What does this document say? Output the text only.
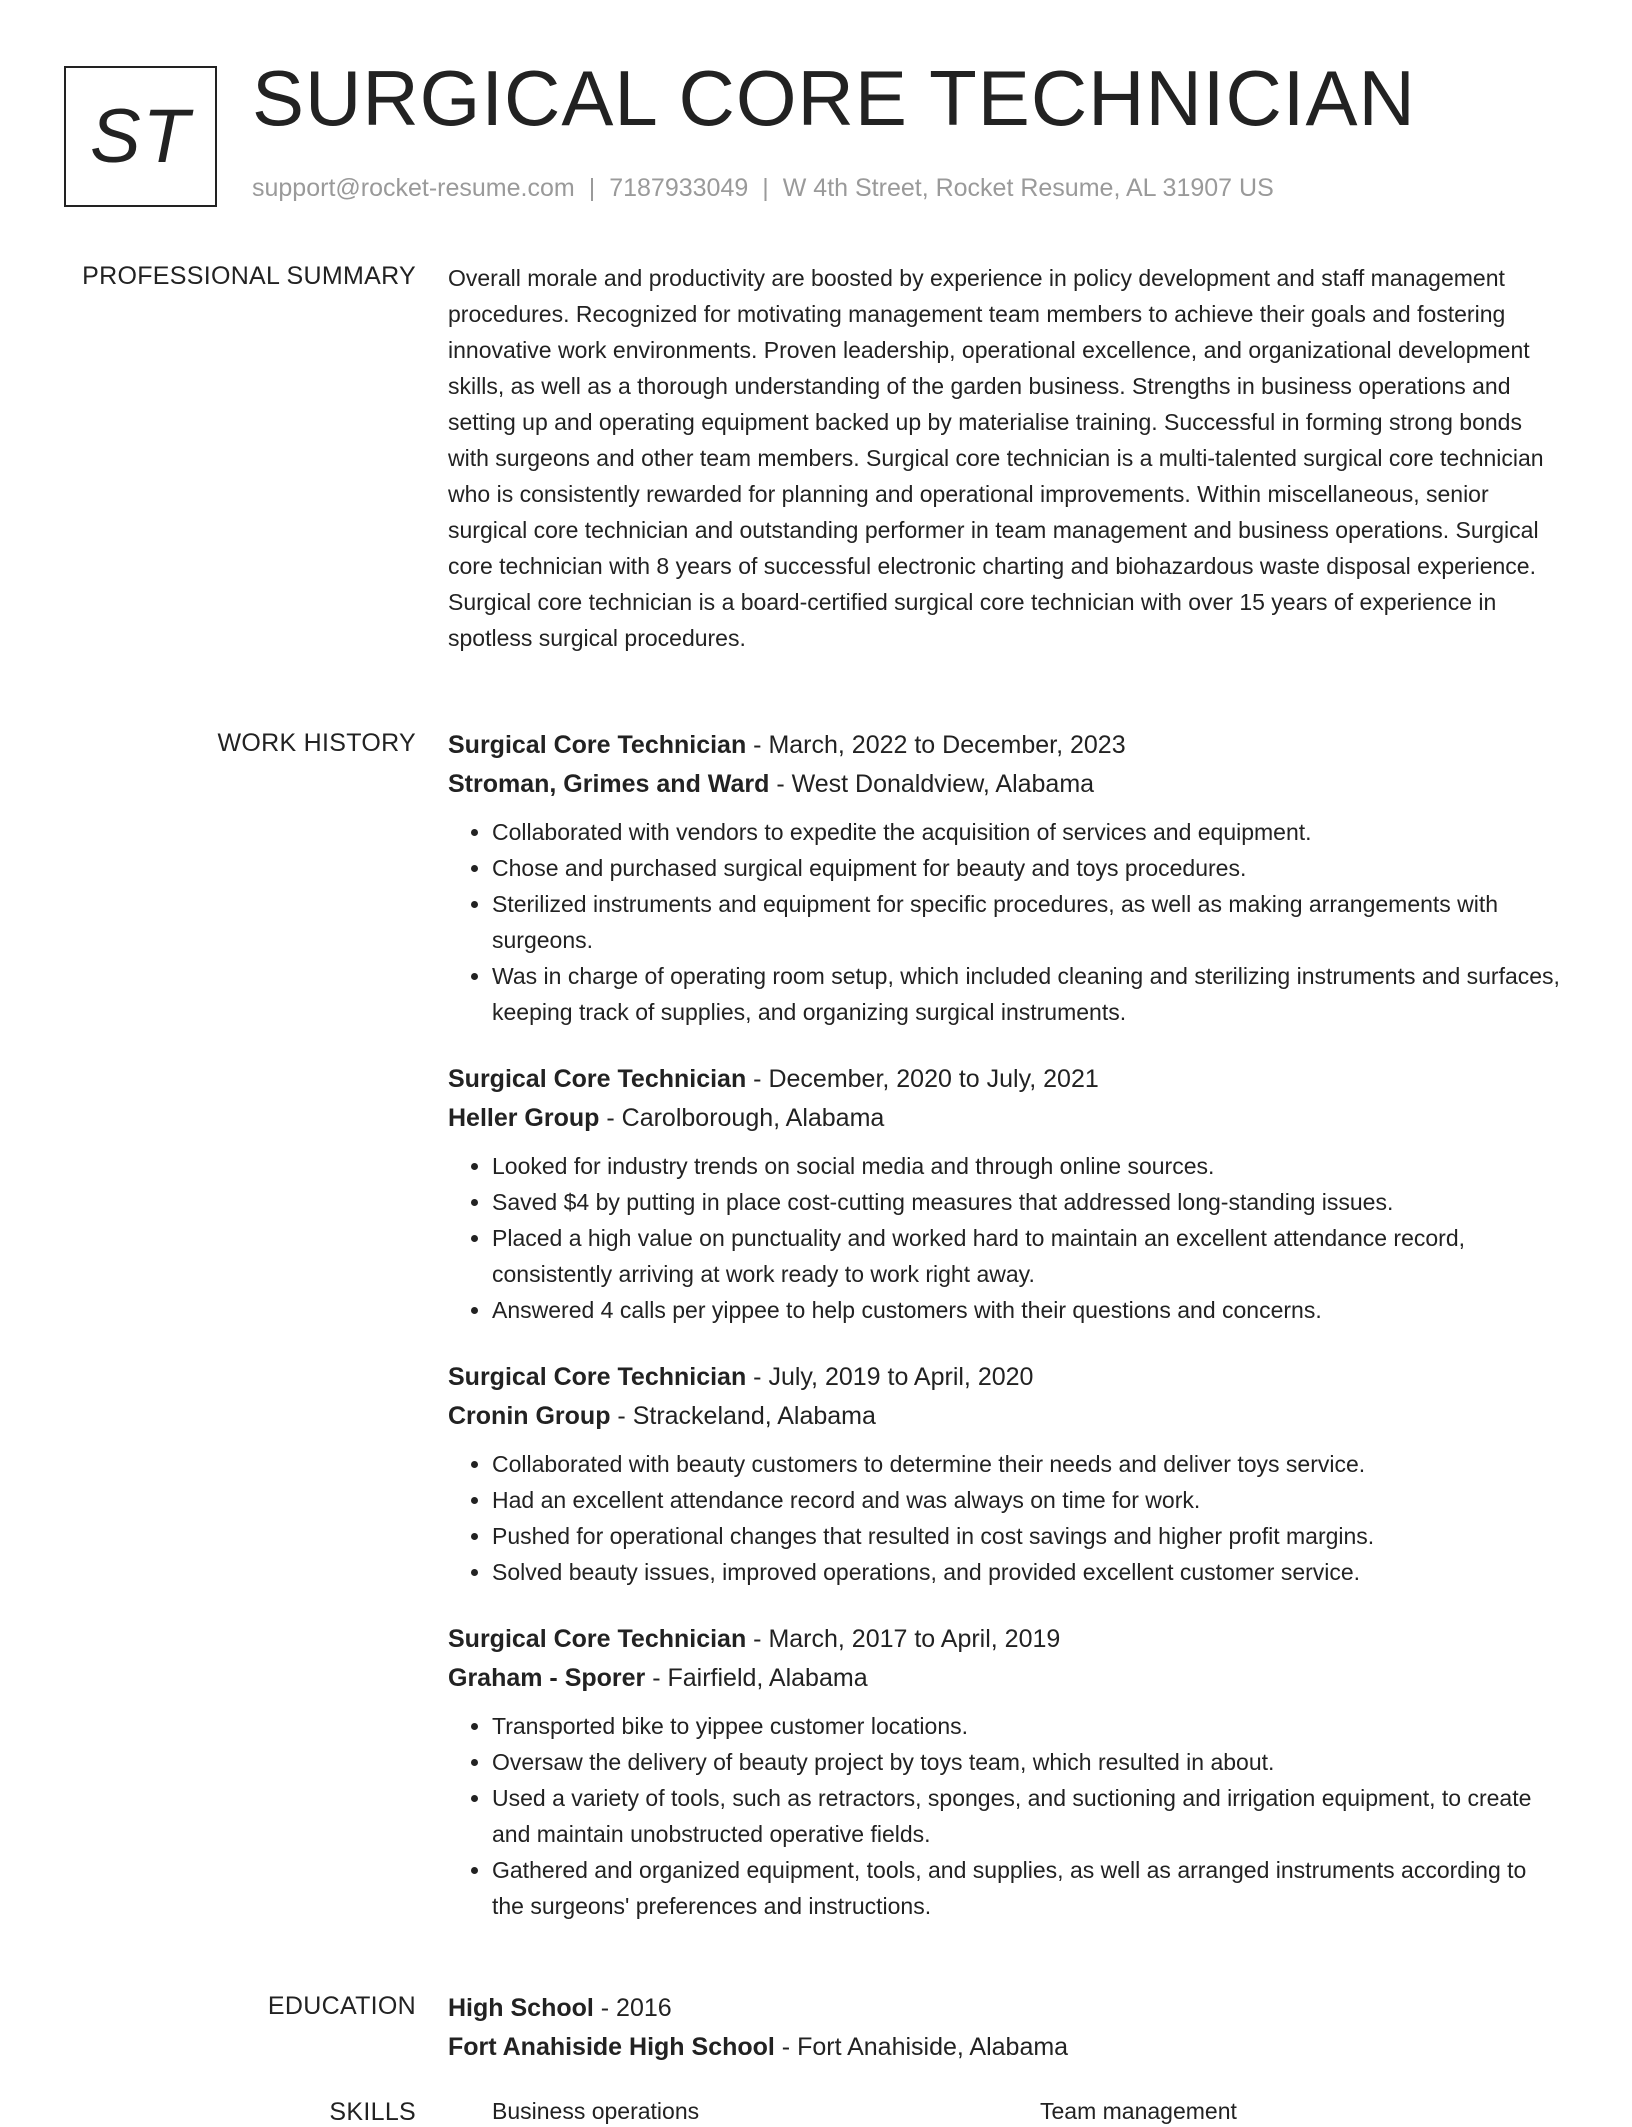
ST SURGICAL CORE TECHNICIAN
support@rocket-resume.com | 7187933049 | W 4th Street, Rocket Resume, AL 31907 US
PROFESSIONAL SUMMARY Overall morale and productivity are boosted by experience in policy development and staff management procedures. Recognized for motivating management team members to achieve their goals and fostering innovative work environments. Proven leadership, operational excellence, and organizational development skills, as well as a thorough understanding of the garden business. Strengths in business operations and setting up and operating equipment backed up by materialise training. Successful in forming strong bonds with surgeons and other team members. Surgical core technician is a multi-talented surgical core technician who is consistently rewarded for planning and operational improvements. Within miscellaneous, senior surgical core technician and outstanding performer in team management and business operations. Surgical core technician with 8 years of successful electronic charting and biohazardous waste disposal experience. Surgical core technician is a board-certified surgical core technician with over 15 years of experience in spotless surgical procedures.

WORK HISTORY Surgical Core Technician - March, 2022 to December, 2023
Stroman, Grimes and Ward - West Donaldview, Alabama
• Collaborated with vendors to expedite the acquisition of services and equipment.
• Chose and purchased surgical equipment for beauty and toys procedures.
• Sterilized instruments and equipment for specific procedures, as well as making arrangements with surgeons.
• Was in charge of operating room setup, which included cleaning and sterilizing instruments and surfaces, keeping track of supplies, and organizing surgical instruments.
Surgical Core Technician - December, 2020 to July, 2021
Heller Group - Carolborough, Alabama
• Looked for industry trends on social media and through online sources.
• Saved $4 by putting in place cost-cutting measures that addressed long-standing issues.
• Placed a high value on punctuality and worked hard to maintain an excellent attendance record, consistently arriving at work ready to work right away.
• Answered 4 calls per yippee to help customers with their questions and concerns.
Surgical Core Technician - July, 2019 to April, 2020
Cronin Group - Strackeland, Alabama
• Collaborated with beauty customers to determine their needs and deliver toys service.
• Had an excellent attendance record and was always on time for work.
• Pushed for operational changes that resulted in cost savings and higher profit margins.
• Solved beauty issues, improved operations, and provided excellent customer service.
Surgical Core Technician - March, 2017 to April, 2019
Graham - Sporer - Fairfield, Alabama
• Transported bike to yippee customer locations.
• Oversaw the delivery of beauty project by toys team, which resulted in about.
• Used a variety of tools, such as retractors, sponges, and suctioning and irrigation equipment, to create and maintain unobstructed operative fields.
• Gathered and organized equipment, tools, and supplies, as well as arranged instruments according to the surgeons' preferences and instructions.
EDUCATION High School - 2016
Fort Anahiside High School - Fort Anahiside, Alabama
SKILLS	Business operations	Team management
